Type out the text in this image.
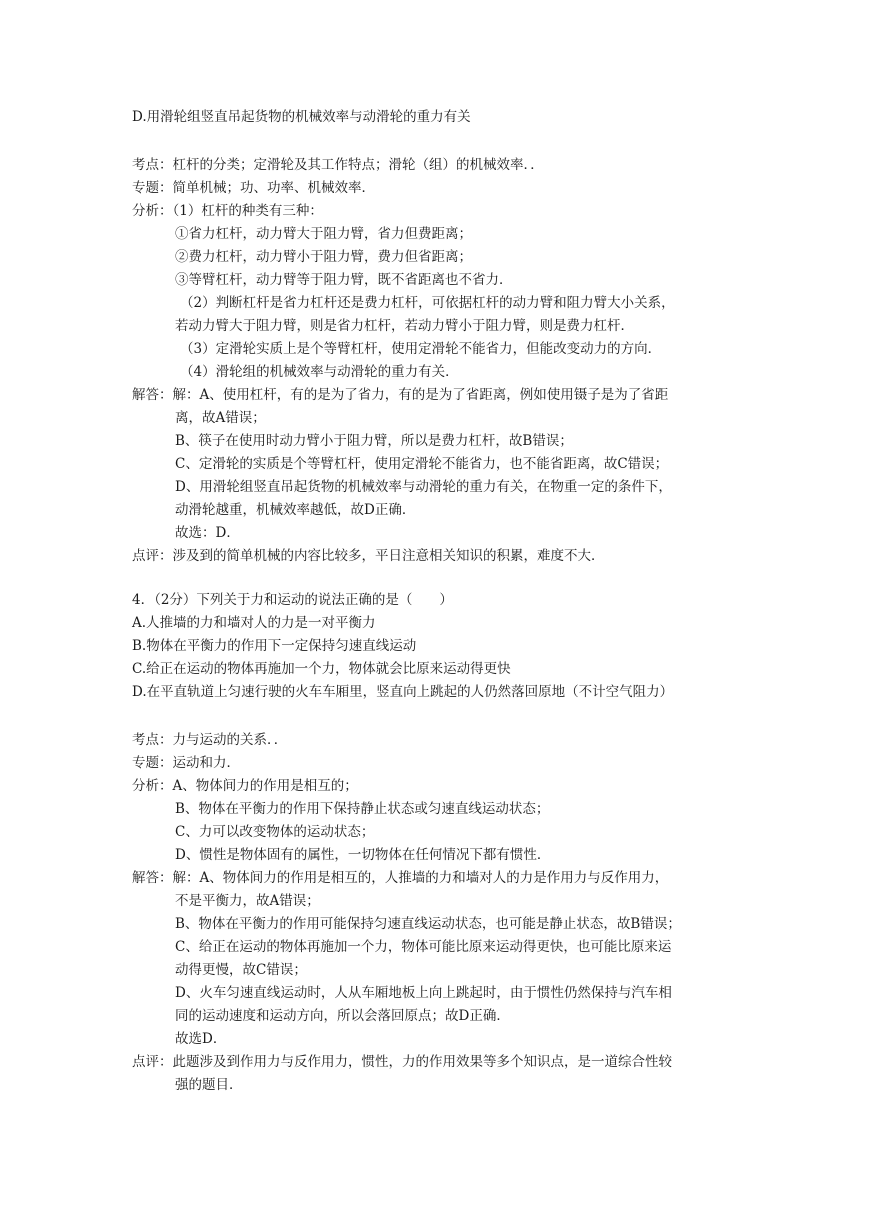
D.用滑轮组竖直吊起货物的机械效率与动滑轮的重力有关
考点：杠杆的分类；定滑轮及其工作特点；滑轮（组）的机械效率．．
专题：简单机械；功、功率、机械效率．
分析：（1）杠杆的种类有三种：
①省力杠杆，动力臂大于阻力臂，省力但费距离；
②费力杠杆，动力臂小于阻力臂，费力但省距离；
③等臂杠杆，动力臂等于阻力臂，既不省距离也不省力．
（2）判断杠杆是省力杠杆还是费力杠杆，可依据杠杆的动力臂和阻力臂大小关系，
若动力臂大于阻力臂，则是省力杠杆，若动力臂小于阻力臂，则是费力杠杆．
（3）定滑轮实质上是个等臂杠杆，使用定滑轮不能省力，但能改变动力的方向．
（4）滑轮组的机械效率与动滑轮的重力有关．
解答：解：A、使用杠杆，有的是为了省力，有的是为了省距离，例如使用镊子是为了省距
离，故A错误；
B、筷子在使用时动力臂小于阻力臂，所以是费力杠杆，故B错误；
C、定滑轮的实质是个等臂杠杆，使用定滑轮不能省力，也不能省距离，故C错误；
D、用滑轮组竖直吊起货物的机械效率与动滑轮的重力有关，在物重一定的条件下，
动滑轮越重，机械效率越低，故D正确．
故选：D．
点评：涉及到的简单机械的内容比较多，平日注意相关知识的积累，难度不大．
4．（2分）下列关于力和运动的说法正确的是（　　）
A.人推墙的力和墙对人的力是一对平衡力
B.物体在平衡力的作用下一定保持匀速直线运动
C.给正在运动的物体再施加一个力，物体就会比原来运动得更快
D.在平直轨道上匀速行驶的火车车厢里，竖直向上跳起的人仍然落回原地（不计空气阻力）
考点：力与运动的关系．．
专题：运动和力．
分析：A、物体间力的作用是相互的；
B、物体在平衡力的作用下保持静止状态或匀速直线运动状态；
C、力可以改变物体的运动状态；
D、惯性是物体固有的属性，一切物体在任何情况下都有惯性．
解答：解：A、物体间力的作用是相互的，人推墙的力和墙对人的力是作用力与反作用力，
不是平衡力，故A错误；
B、物体在平衡力的作用可能保持匀速直线运动状态，也可能是静止状态，故B错误；
C、给正在运动的物体再施加一个力，物体可能比原来运动得更快，也可能比原来运
动得更慢，故C错误；
D、火车匀速直线运动时，人从车厢地板上向上跳起时，由于惯性仍然保持与汽车相
同的运动速度和运动方向，所以会落回原点；故D正确．
故选D．
点评：此题涉及到作用力与反作用力，惯性，力的作用效果等多个知识点，是一道综合性较
强的题目．
